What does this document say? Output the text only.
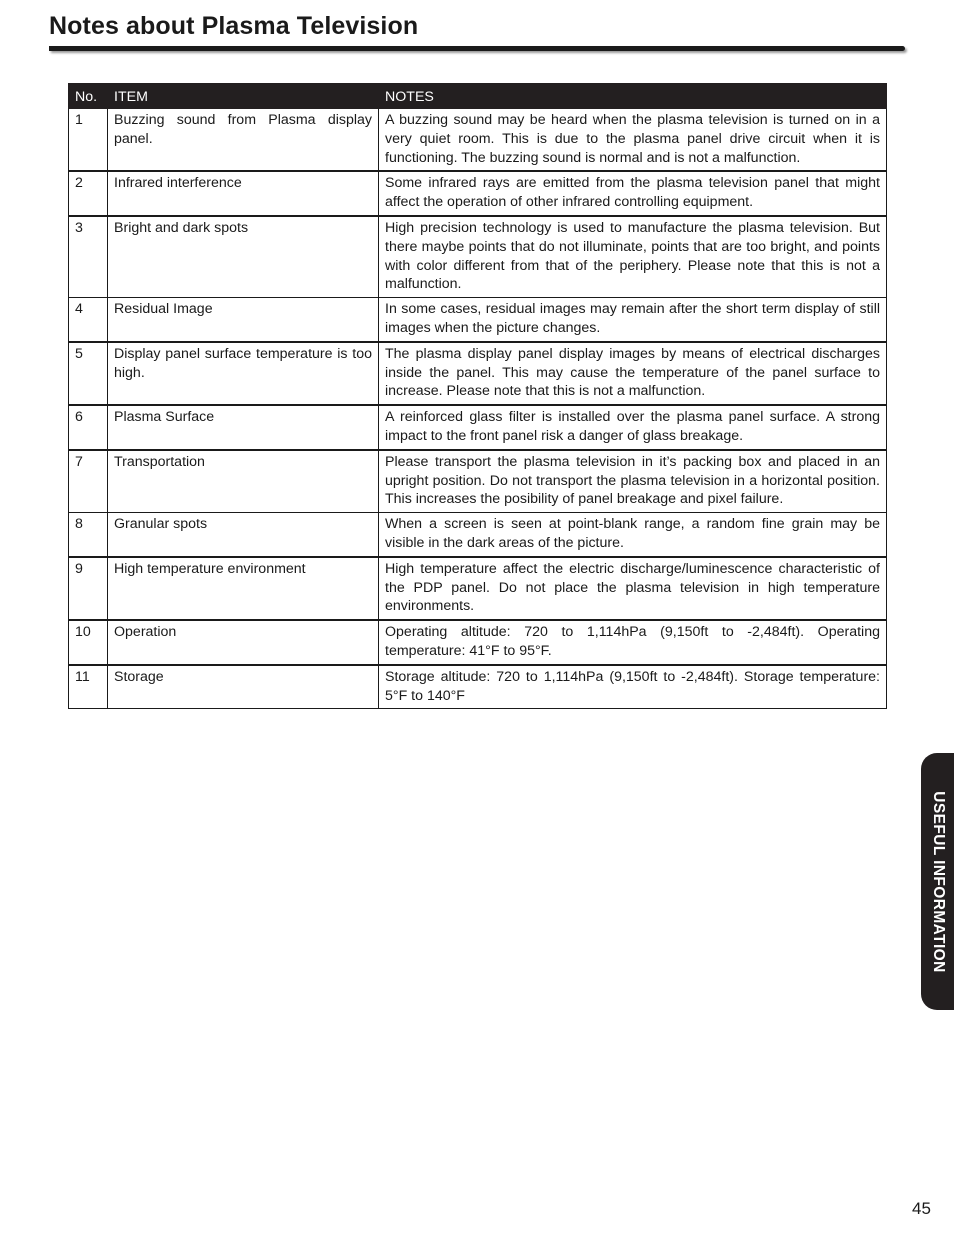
Notes about Plasma Television
No.	ITEM	NOTES
1	Buzzing sound from Plasma display panel.	A buzzing sound may be heard when the plasma television is turned on in a very quiet room. This is due to the plasma panel drive circuit when it is functioning. The buzzing sound is normal and is not a malfunction.
2	Infrared interference	Some infrared rays are emitted from the plasma television panel that might affect the operation of other infrared controlling equipment.
3	Bright and dark spots	High precision technology is used to manufacture the plasma television. But there maybe points that do not illuminate, points that are too bright, and points with color different from that of the periphery. Please note that this is not a malfunction.
4	Residual Image	In some cases, residual images may remain after the short term display of still images when the picture changes.
5	Display panel surface temperature is too high.	The plasma display panel display images by means of electrical discharges inside the panel. This may cause the temperature of the panel surface to increase. Please note that this is not a malfunction.
6	Plasma Surface	A reinforced glass filter is installed over the plasma panel surface. A strong impact to the front panel risk a danger of glass breakage.
7	Transportation	Please transport the plasma television in it’s packing box and placed in an upright position. Do not transport the plasma television in a horizontal position. This increases the posibility of panel breakage and pixel failure.
8	Granular spots	When a screen is seen at point-blank range, a random fine grain may be visible in the dark areas of the picture.
9	High temperature environment	High temperature affect the electric discharge/luminescence characteristic of the PDP panel. Do not place the plasma television in high temperature environments.
10	Operation	Operating altitude: 720 to 1,114hPa (9,150ft to -2,484ft). Operating temperature: 41°F to 95°F.
11	Storage	Storage altitude: 720 to 1,114hPa (9,150ft to -2,484ft). Storage temperature: 5°F to 140°F
USEFUL INFORMATION
45
